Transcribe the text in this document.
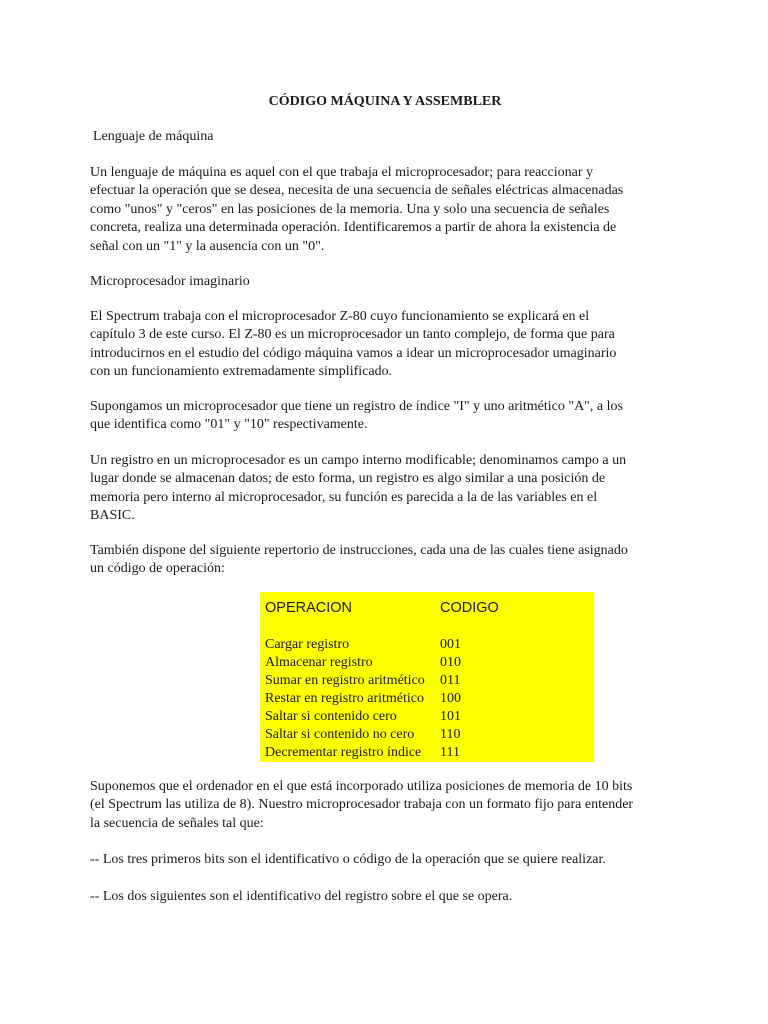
CÓDIGO MÁQUINA Y ASSEMBLER
Lenguaje de máquina
Un lenguaje de máquina es aquel con el que trabaja el microprocesador; para reaccionar y
efectuar la operación que se desea, necesita de una secuencia de señales eléctricas almacenadas
como "unos" y "ceros" en las posiciones de la memoria. Una y solo una secuencia de señales
concreta, realiza una determinada operación. Identificaremos a partir de ahora la existencia de
señal con un "1" y la ausencia con un "0".
Microprocesador imaginario
El Spectrum trabaja con el microprocesador Z-80 cuyo funcionamiento se explicará en el
capítulo 3 de este curso. El Z-80 es un microprocesador un tanto complejo, de forma que para
introducirnos en el estudio del código máquina vamos a idear un microprocesador umaginario
con un funcionamiento extremadamente simplificado.
Supongamos un microprocesador que tiene un registro de índice "I" y uno aritmético "A", a los
que identifica como "01" y "10" respectivamente.
Un registro en un microprocesador es un campo interno modificable; denominamos campo a un
lugar donde se almacenan datos; de esto forma, un registro es algo similar a una posición de
memoria pero interno al microprocesador, su función es parecida a la de las variables en el
BASIC.
También dispone del siguiente repertorio de instrucciones, cada una de las cuales tiene asignado
un código de operación:
OPERACION	CODIGO
Cargar registro	001
Almacenar registro	010
Sumar en registro aritmético	011
Restar en registro aritmético	100
Saltar si contenido cero	101
Saltar si contenido no cero	110
Decrementar registro índice	111
Suponemos que el ordenador en el que está incorporado utiliza posiciones de memoria de 10 bits
(el Spectrum las utiliza de 8). Nuestro microprocesador trabaja con un formato fijo para entender
la secuencia de señales tal que:
-- Los tres primeros bits son el identificativo o código de la operación que se quiere realizar.
-- Los dos siguientes son el identificativo del registro sobre el que se opera.
